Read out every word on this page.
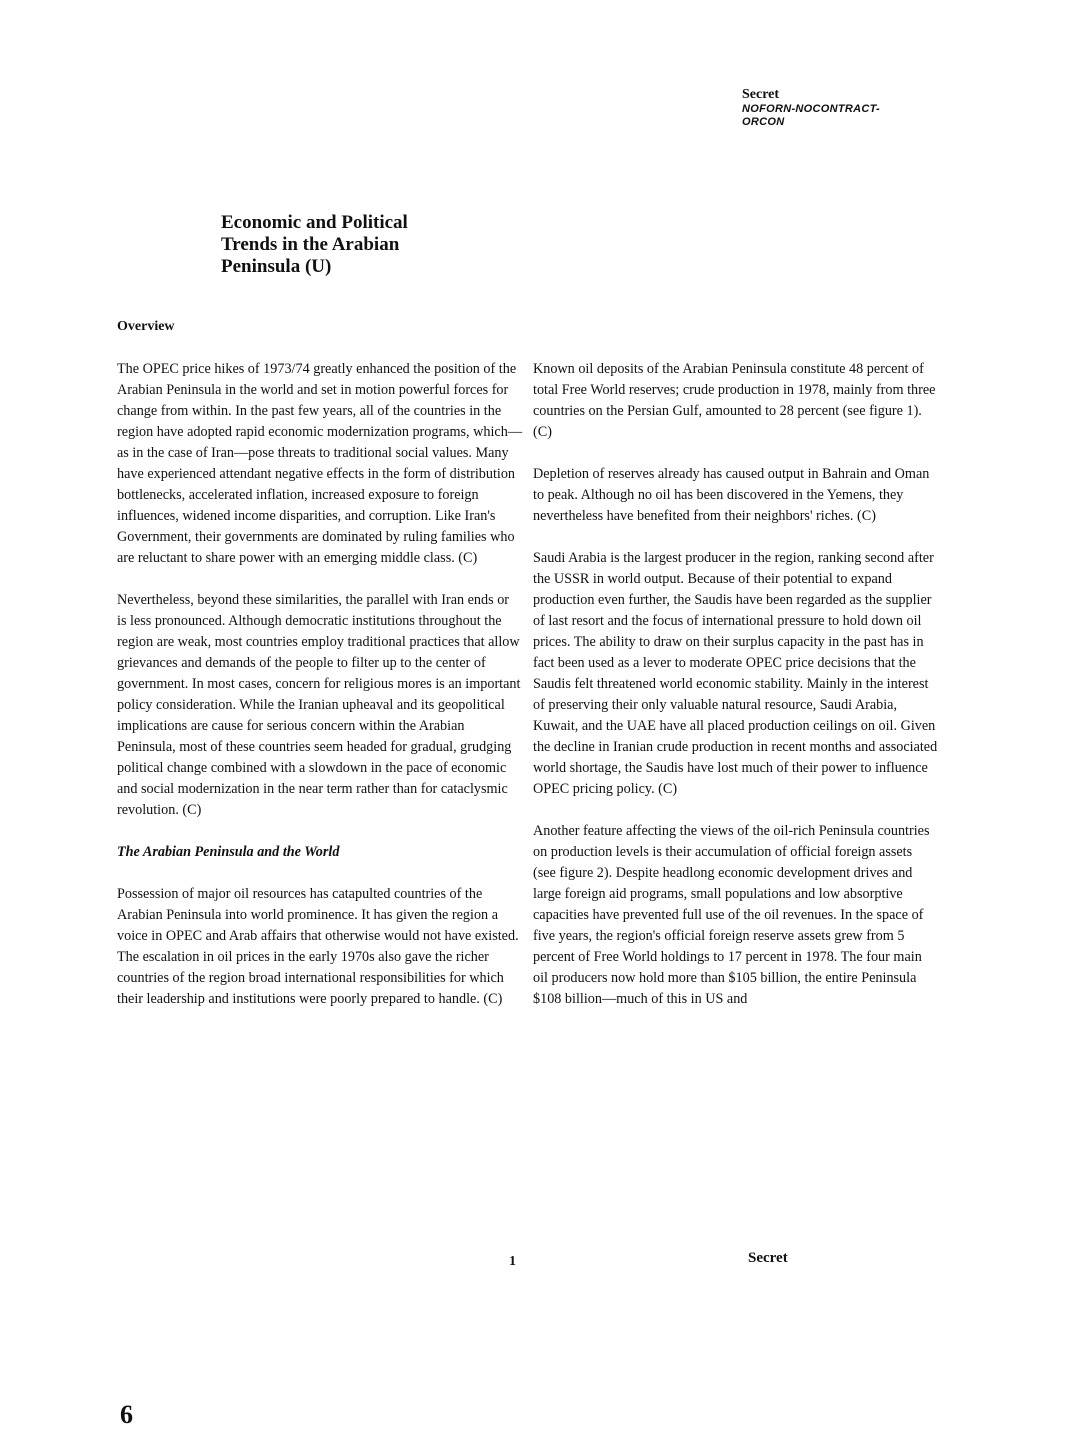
Secret
NOFORN-NOCONTRACT-
ORCON
Economic and Political
Trends in the Arabian
Peninsula (U)
Overview

The OPEC price hikes of 1973/74 greatly enhanced the position of the Arabian Peninsula in the world and set in motion powerful forces for change from within. In the past few years, all of the countries in the region have adopted rapid economic modernization programs, which—as in the case of Iran—pose threats to traditional social values. Many have experienced attendant negative effects in the form of distribution bottlenecks, accelerated inflation, increased exposure to foreign influences, widened income disparities, and corruption. Like Iran's Government, their governments are dominated by ruling families who are reluctant to share power with an emerging middle class. (C)

Nevertheless, beyond these similarities, the parallel with Iran ends or is less pronounced. Although democratic institutions throughout the region are weak, most countries employ traditional practices that allow grievances and demands of the people to filter up to the center of government. In most cases, concern for religious mores is an important policy consideration. While the Iranian upheaval and its geopolitical implications are cause for serious concern within the Arabian Peninsula, most of these countries seem headed for gradual, grudging political change combined with a slowdown in the pace of economic and social modernization in the near term rather than for cataclysmic revolution. (C)

The Arabian Peninsula and the World

Possession of major oil resources has catapulted countries of the Arabian Peninsula into world prominence. It has given the region a voice in OPEC and Arab affairs that otherwise would not have existed. The escalation in oil prices in the early 1970s also gave the richer countries of the region broad international responsibilities for which their leadership and institutions were poorly prepared to handle. (C)

Known oil deposits of the Arabian Peninsula constitute 48 percent of total Free World reserves; crude production in 1978, mainly from three countries on the Persian Gulf, amounted to 28 percent (see figure 1). (C)

Depletion of reserves already has caused output in Bahrain and Oman to peak. Although no oil has been discovered in the Yemens, they nevertheless have benefited from their neighbors' riches. (C)

Saudi Arabia is the largest producer in the region, ranking second after the USSR in world output. Because of their potential to expand production even further, the Saudis have been regarded as the supplier of last resort and the focus of international pressure to hold down oil prices. The ability to draw on their surplus capacity in the past has in fact been used as a lever to moderate OPEC price decisions that the Saudis felt threatened world economic stability. Mainly in the interest of preserving their only valuable natural resource, Saudi Arabia, Kuwait, and the UAE have all placed production ceilings on oil. Given the decline in Iranian crude production in recent months and associated world shortage, the Saudis have lost much of their power to influence OPEC pricing policy. (C)

Another feature affecting the views of the oil-rich Peninsula countries on production levels is their accumulation of official foreign assets (see figure 2). Despite headlong economic development drives and large foreign aid programs, small populations and low absorptive capacities have prevented full use of the oil revenues. In the space of five years, the region's official foreign reserve assets grew from 5 percent of Free World holdings to 17 percent in 1978. The four main oil producers now hold more than $105 billion, the entire Peninsula $108 billion—much of this in US and

1	Secret
6
